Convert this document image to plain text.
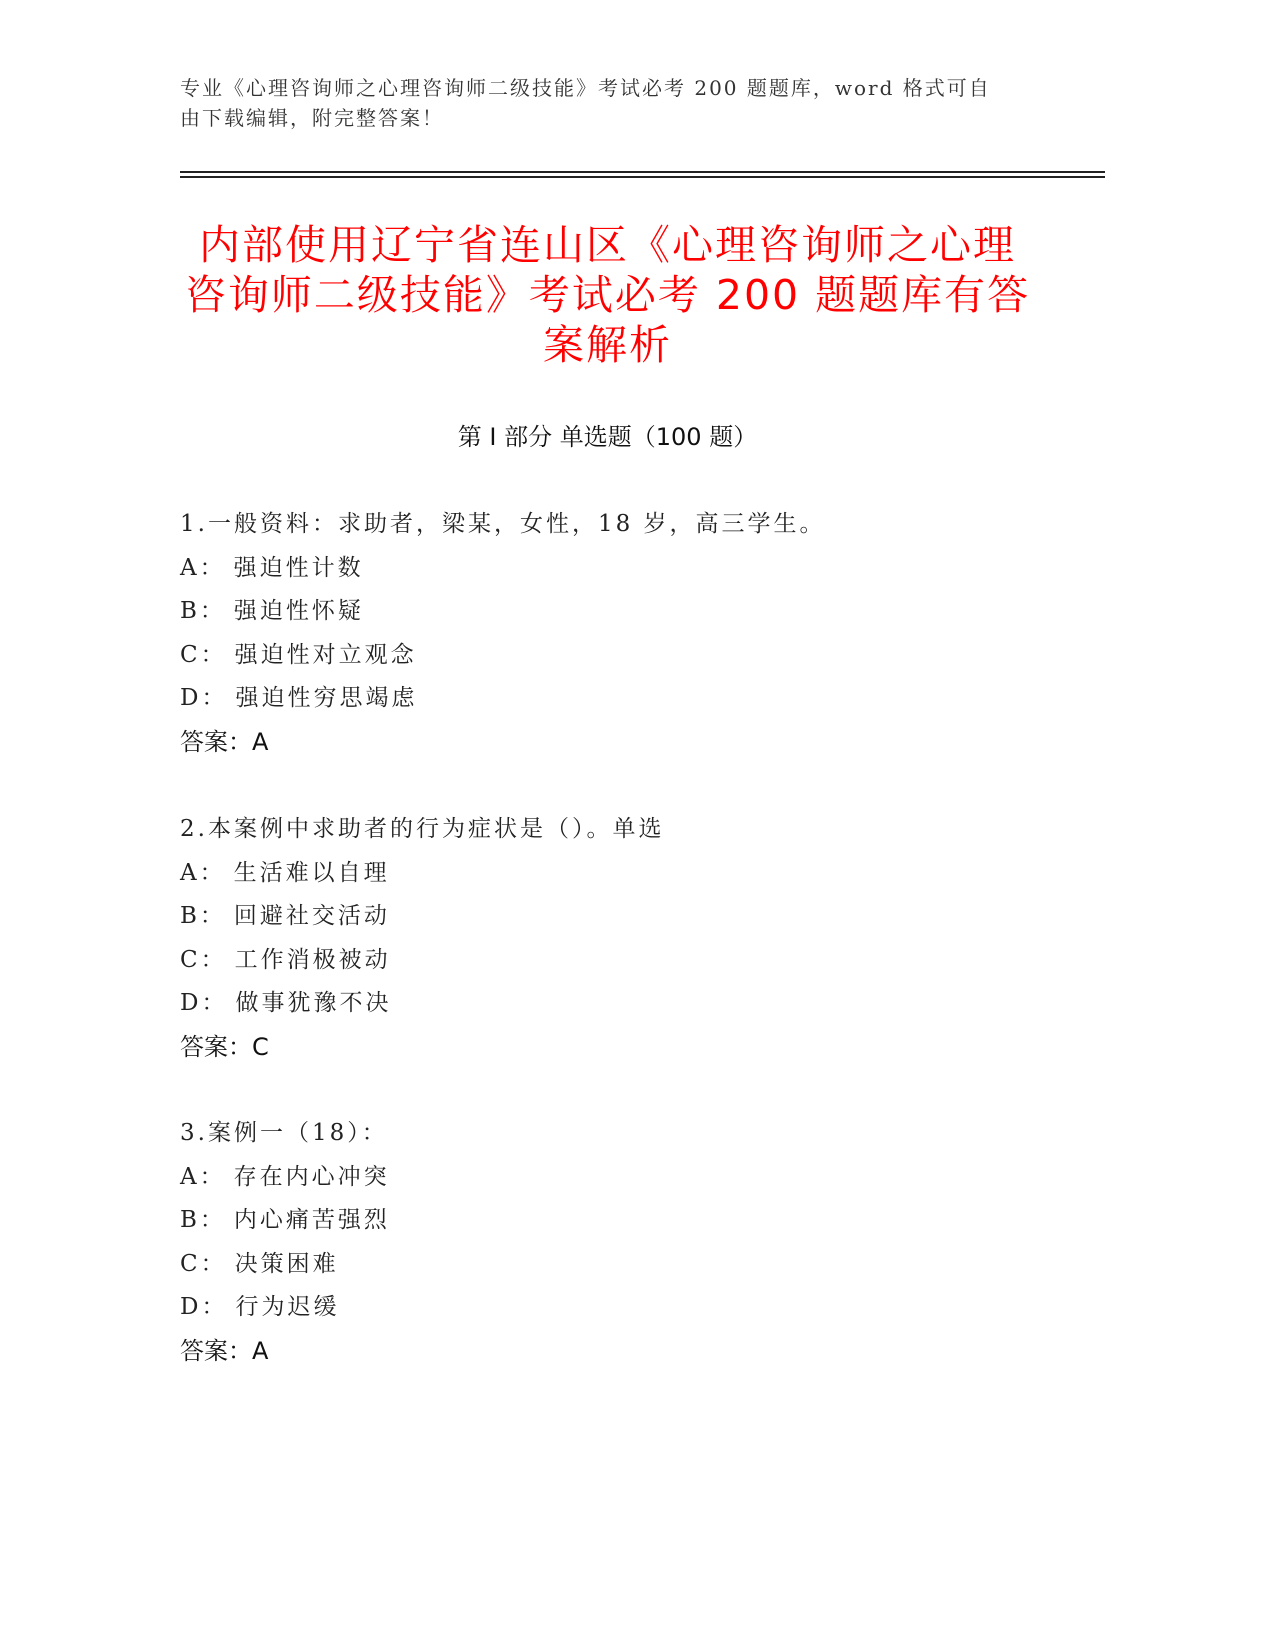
专业《心理咨询师之心理咨询师二级技能》考试必考 200 题题库，word 格式可自
由下载编辑，附完整答案！
内部使用辽宁省连山区《心理咨询师之心理
咨询师二级技能》考试必考 200 题题库有答
案解析
第 I 部分 单选题（100 题）
1.一般资料：求助者，梁某，女性，18 岁，高三学生。
A： 强迫性计数
B： 强迫性怀疑
C： 强迫性对立观念
D： 强迫性穷思竭虑
答案：A
2.本案例中求助者的行为症状是（）。单选
A： 生活难以自理
B： 回避社交活动
C： 工作消极被动
D： 做事犹豫不决
答案：C
3.案例一（18）：
A： 存在内心冲突
B： 内心痛苦强烈
C： 决策困难
D： 行为迟缓
答案：A
